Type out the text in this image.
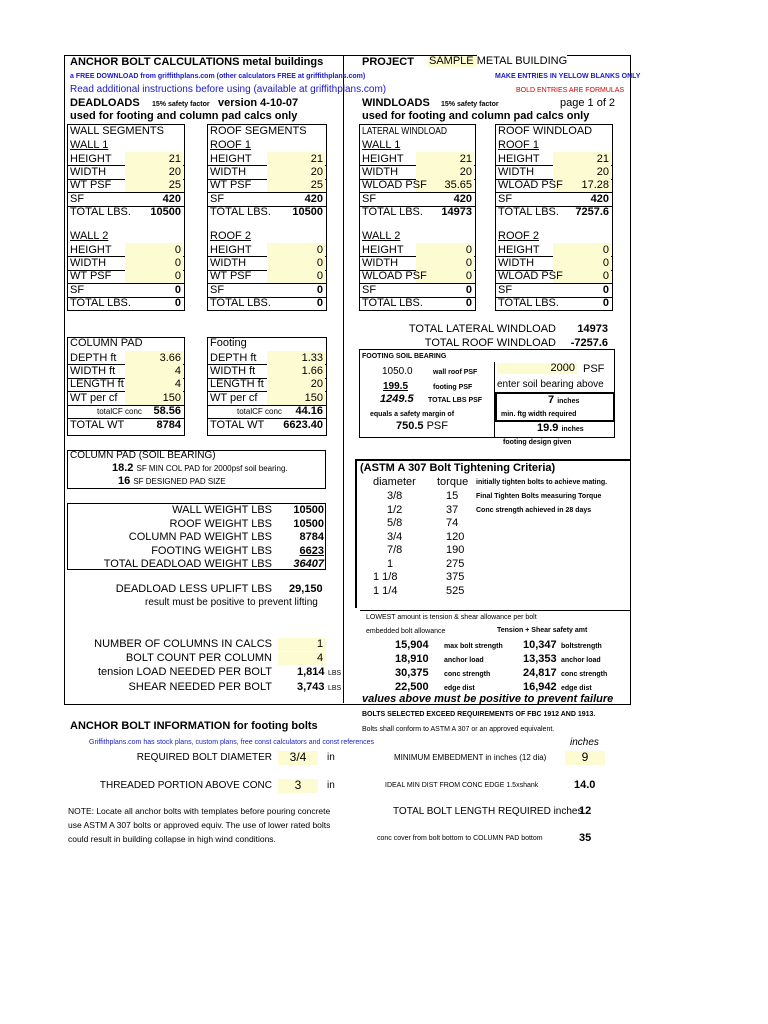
ANCHOR BOLT CALCULATIONS metal buildings	PROJECT SAMPLE METAL BUILDING
a FREE DOWNLOAD from griffithplans.com (other calculators FREE at griffithplans.com)	MAKE ENTRIES IN YELLOW BLANKS ONLY
Read additional instructions before using (available at griffithplans.com)	BOLD ENTRIES ARE FORMULAS
DEADLOADS 15% safety factor version 4-10-07
used for footing and column pad calcs only
WINDLOADS 15% safety factor	page 1 of 2
used for footing and column pad calcs only
WALL SEGMENTS	ROOF SEGMENTS	LATERAL WINDLOAD	ROOF WINDLOAD
WALL 1
HEIGHT	21
WIDTH	20
WT PSF	25
SF	420
TOTAL LBS. 10500
ROOF 1
HEIGHT	21
WIDTH	20
WT PSF	25
SF	420
TOTAL LBS. 10500
WALL 1
HEIGHT	21
WIDTH	20
WLOAD PSF 35.65
SF	420
TOTAL LBS. 14973
ROOF 1
HEIGHT	21
WIDTH	20
WLOAD PSF 17.28
SF	420
TOTAL LBS. 7257.6
WALL 2
HEIGHT	0
WIDTH	0
WT PSF	0
SF	0
TOTAL LBS.	0
ROOF 2
HEIGHT	0
WIDTH	0
WT PSF	0
SF	0
TOTAL LBS.	0
WALL 2
HEIGHT	0
WIDTH	0
WLOAD PSF	0
SF	0
TOTAL LBS.	0
ROOF 2
HEIGHT	0
WIDTH	0
WLOAD PSF	0
SF	0
TOTAL LBS.	0
TOTAL LATERAL WINDLOAD 14973
TOTAL ROOF WINDLOAD -7257.6
COLUMN PAD	Footing
DEPTH ft	3.66
WIDTH ft	4
LENGTH ft	4
WT per cf	150
totalCF conc 58.56
TOTAL WT	8784
DEPTH ft	1.33
WIDTH ft	1.66
LENGTH ft	20
WT per cf	150
totalCF conc 44.16
TOTAL WT 6623.40
FOOTING SOIL BEARING
1050.0	wall roof PSF
199.5	footing PSF
1249.5 TOTAL LBS PSF
equals a safety margin of
750.5 PSF
2000 PSF
enter soil bearing above
7 inches
min. ftg width required
19.9 inches
footing design given
COLUMN PAD (SOIL BEARING)
18.2 SF MIN COL PAD for 2000psf soil bearing.
16 SF DESIGNED PAD SIZE
WALL WEIGHT LBS 10500
ROOF WEIGHT LBS 10500
COLUMN PAD WEIGHT LBS	8784
FOOTING WEIGHT LBS	6623
TOTAL DEADLOAD WEIGHT LBS 36407
DEADLOAD LESS UPLIFT LBS 29,150
result must be positive to prevent lifting
(ASTM A 307 Bolt Tightening Criteria)
diameter torque
3/8	15
1/2	37
5/8	74
3/4	120
7/8	190
1	275
1 1/8	375
1 1/4	525
initially tighten bolts to achieve mating.
Final Tighten Bolts measuring Torque
Conc strength achieved in 28 days
NUMBER OF COLUMNS IN CALCS	1
BOLT COUNT PER COLUMN	4
tension LOAD NEEDED PER BOLT 1,814 LBS
SHEAR NEEDED PER BOLT 3,743 LBS
LOWEST amount is tension & shear allowance per bolt
embedded bolt allowance	Tension + Shear safety amt
15,904 max bolt strength 10,347 boltstrength
18,910 anchor load	13,353 anchor load
30,375 conc strength	24,817 conc strength
22,500 edge dist	16,942 edge dist
values above must be positive to prevent failure
ANCHOR BOLT INFORMATION for footing bolts
Griffithplans.com has stock plans, custom plans, free const calculators and const references
BOLTS SELECTED EXCEED REQUIREMENTS OF FBC 1912 AND 1913.
Bolts shall conform to ASTM A 307 or an approved equivalent.
inches
REQUIRED BOLT DIAMETER	3/4	in	MINIMUM EMBEDMENT in inches (12 dia)	9
THREADED PORTION ABOVE CONC	3	in	IDEAL MIN DIST FROM CONC EDGE 1.5xshank	14.0
TOTAL BOLT LENGTH REQUIRED inches
12
conc cover from bolt bottom to COLUMN PAD bottom	35
NOTE: Locate all anchor bolts with templates before pouring concrete
use ASTM A 307 bolts or approved equiv. The use of lower rated bolts
could result in building collapse in high wind conditions.
